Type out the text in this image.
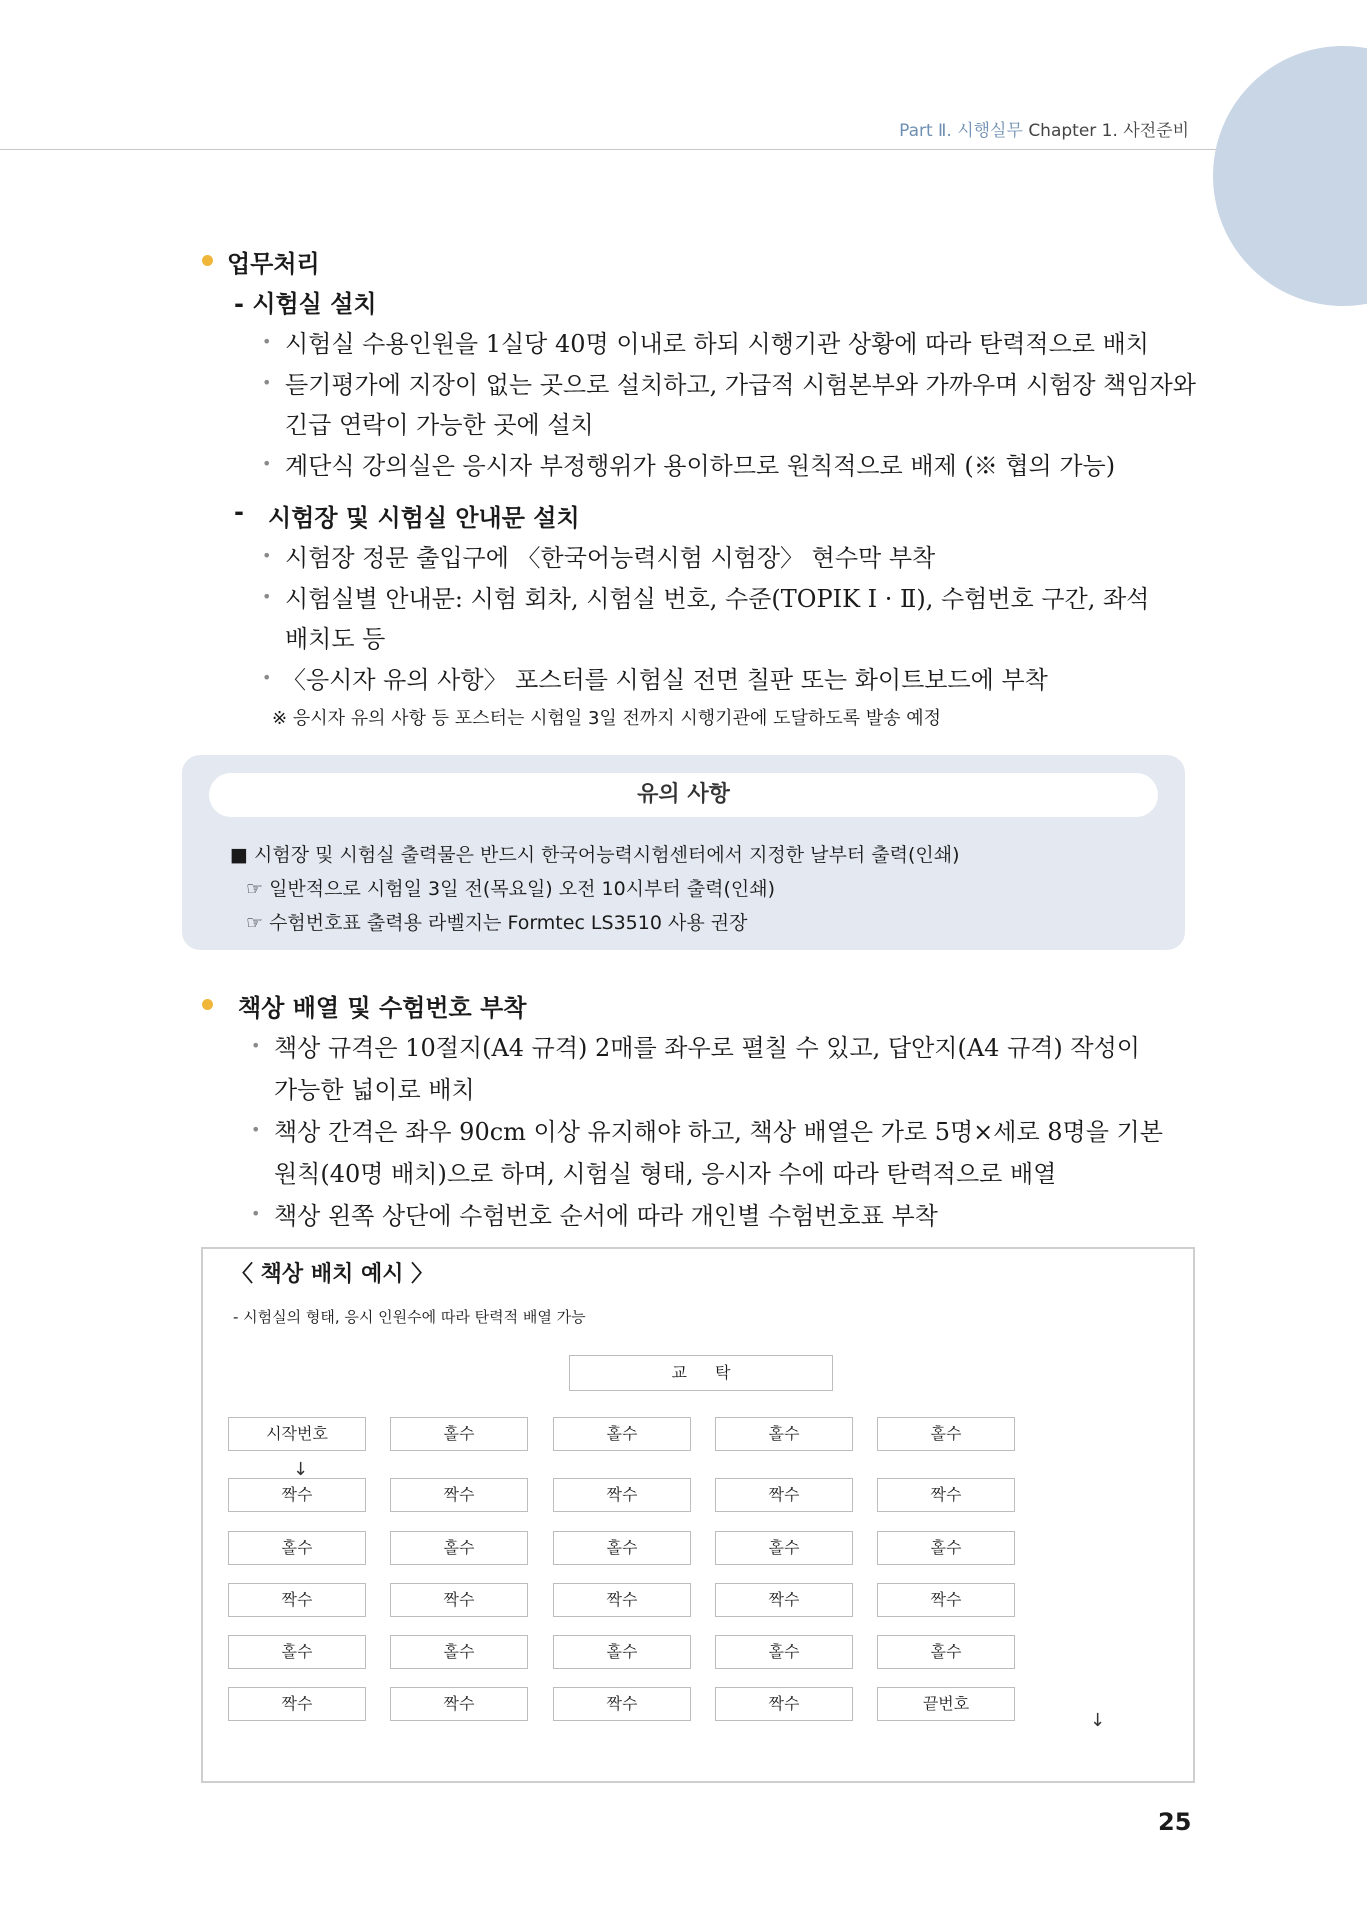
Part Ⅱ. 시행실무 Chapter 1. 사전준비
업무처리
- 시험실 설치
• 시험실 수용인원을 1실당 40명 이내로 하되 시행기관 상황에 따라 탄력적으로 배치
• 듣기평가에 지장이 없는 곳으로 설치하고, 가급적 시험본부와 가까우며 시험장 책임자와
긴급 연락이 가능한 곳에 설치
• 계단식 강의실은 응시자 부정행위가 용이하므로 원칙적으로 배제 (※ 협의 가능)
- 시험장 및 시험실 안내문 설치
• 시험장 정문 출입구에 〈한국어능력시험 시험장〉 현수막 부착
• 시험실별 안내문: 시험 회차, 시험실 번호, 수준(TOPIK Ⅰ · Ⅱ), 수험번호 구간, 좌석
배치도 등
• 〈응시자 유의 사항〉 포스터를 시험실 전면 칠판 또는 화이트보드에 부착
※ 응시자 유의 사항 등 포스터는 시험일 3일 전까지 시행기관에 도달하도록 발송 예정
유의 사항
■ 시험장 및 시험실 출력물은 반드시 한국어능력시험센터에서 지정한 날부터 출력(인쇄)
☞ 일반적으로 시험일 3일 전(목요일) 오전 10시부터 출력(인쇄)
☞ 수험번호표 출력용 라벨지는 Formtec LS3510 사용 권장
책상 배열 및 수험번호 부착
• 책상 규격은 10절지(A4 규격) 2매를 좌우로 펼칠 수 있고, 답안지(A4 규격) 작성이
가능한 넓이로 배치
• 책상 간격은 좌우 90cm 이상 유지해야 하고, 책상 배열은 가로 5명×세로 8명을 기본
원칙(40명 배치)으로 하며, 시험실 형태, 응시자 수에 따라 탄력적으로 배열
• 책상 왼쪽 상단에 수험번호 순서에 따라 개인별 수험번호표 부착
〈 책상 배치 예시 〉
- 시험실의 형태, 응시 인원수에 따라 탄력적 배열 가능
교탁
시작번호	홀수	홀수	홀수	홀수
짝수	짝수	짝수	짝수	짝수
홀수	홀수	홀수	홀수	홀수
짝수	짝수	짝수	짝수	짝수
홀수	홀수	홀수	홀수	홀수
짝수	짝수	짝수	짝수	끝번호
↓
↓
25
